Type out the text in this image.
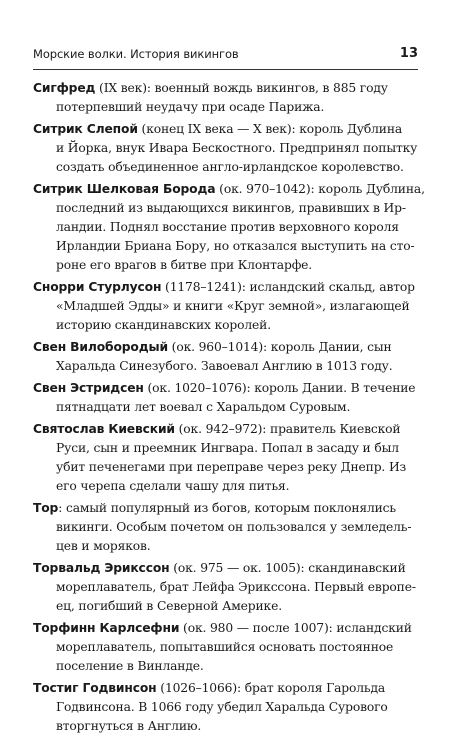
Морские волки. История викингов	13
Сигфред (IX век): военный вождь викингов, в 885 году
потерпевший неудачу при осаде Парижа.
Ситрик Слепой (конец IX века — X век): король Дублина
и Йорка, внук Ивара Бескостного. Предпринял попытку
создать объединенное англо-ирландское королевство.
Ситрик Шелковая Борода (ок. 970–1042): король Дублина,
последний из выдающихся викингов, правивших в Ир-
ландии. Поднял восстание против верховного короля
Ирландии Бриана Бору, но отказался выступить на сто-
роне его врагов в битве при Клонтарфе.
Снорри Стурлусон (1178–1241): исландский скальд, автор
«Младшей Эдды» и книги «Круг земной», излагающей
историю скандинавских королей.
Свен Вилобородый (ок. 960–1014): король Дании, сын
Харальда Синезубого. Завоевал Англию в 1013 году.
Свен Эстридсен (ок. 1020–1076): король Дании. В течение
пятнадцати лет воевал с Харальдом Суровым.
Святослав Киевский (ок. 942–972): правитель Киевской
Руси, сын и преемник Ингвара. Попал в засаду и был
убит печенегами при переправе через реку Днепр. Из
его черепа сделали чашу для питья.
Тор: самый популярный из богов, которым поклонялись
викинги. Особым почетом он пользовался у земледель-
цев и моряков.
Торвальд Эрикссон (ок. 975 — ок. 1005): скандинавский
мореплаватель, брат Лейфа Эрикссона. Первый европе-
ец, погибший в Северной Америке.
Торфинн Карлсефни (ок. 980 — после 1007): исландский
мореплаватель, попытавшийся основать постоянное
поселение в Винланде.
Тостиг Годвинсон (1026–1066): брат короля Гарольда
Годвинсона. В 1066 году убедил Харальда Сурового
вторгнуться в Англию.
